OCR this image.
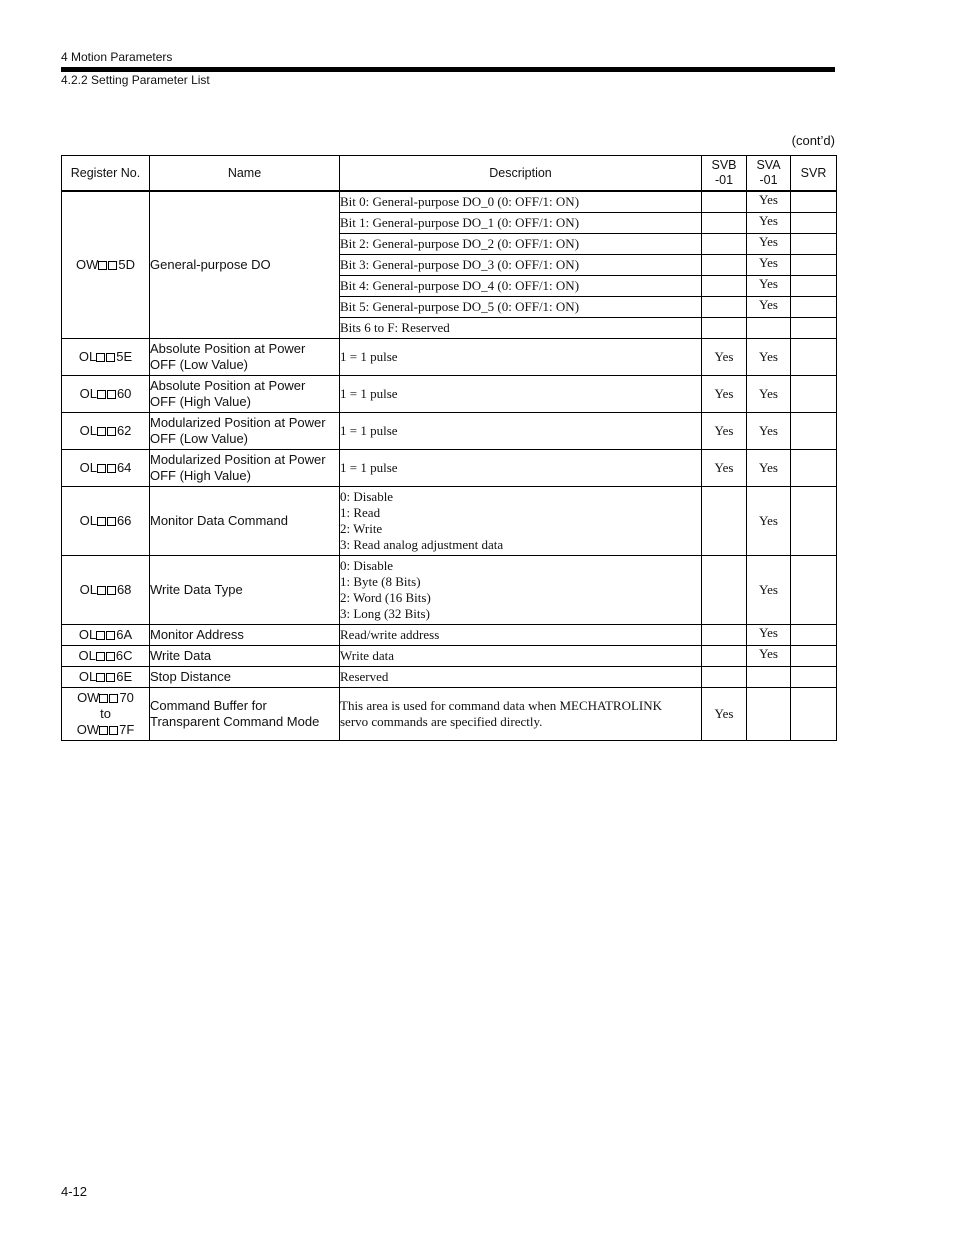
4 Motion Parameters
4.2.2 Setting Parameter List
(cont’d)
Register No.	Name	Description	SVB
-01	SVA
-01	SVR
OW 5D	General-purpose DO	Bit 0: General-purpose DO_0 (0: OFF/1: ON)		Yes	
		Bit 1: General-purpose DO_1 (0: OFF/1: ON)		Yes	
		Bit 2: General-purpose DO_2 (0: OFF/1: ON)		Yes	
		Bit 3: General-purpose DO_3 (0: OFF/1: ON)		Yes	
		Bit 4: General-purpose DO_4 (0: OFF/1: ON)		Yes	
		Bit 5: General-purpose DO_5 (0: OFF/1: ON)		Yes	
		Bits 6 to F: Reserved			
OL 5E	Absolute Position at Power
OFF (Low Value)	1 = 1 pulse	Yes	Yes	
OL 60	Absolute Position at Power
OFF (High Value)	1 = 1 pulse	Yes	Yes	
OL 62	Modularized Position at Power
OFF (Low Value)	1 = 1 pulse	Yes	Yes	
OL 64	Modularized Position at Power
OFF (High Value)	1 = 1 pulse	Yes	Yes	
OL 66	Monitor Data Command	0: Disable
1: Read
2: Write
3: Read analog adjustment data		Yes	
OL 68	Write Data Type	0: Disable
1: Byte (8 Bits)
2: Word (16 Bits)
3: Long (32 Bits)		Yes	
OL 6A	Monitor Address	Read/write address		Yes	
OL 6C	Write Data	Write data		Yes	
OL 6E	Stop Distance	Reserved			

OW 70
to
OW 7F	Command Buffer for
Transparent Command Mode	This area is used for command data when MECHATROLINK
servo commands are specified directly.	Yes		
4-12
